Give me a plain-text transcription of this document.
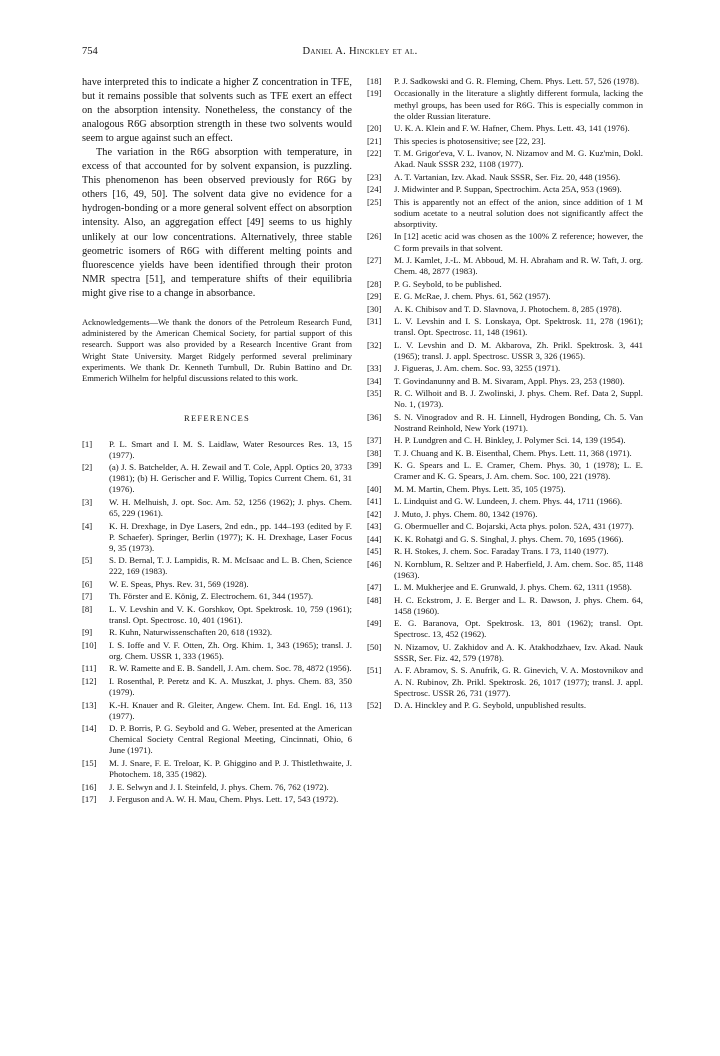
754	Daniel A. Hinckley et al.

have interpreted this to indicate a higher Z concentration in TFE, but it remains possible that solvents such as TFE exert an effect on the absorption intensity. Nonetheless, the constancy of the analogous R6G absorption strength in these two solvents would seem to argue against such an effect.

The variation in the R6G absorption with temperature, in excess of that accounted for by solvent expansion, is puzzling. This phenomenon has been observed previously for R6G by others [16, 49, 50]. The solvent data give no evidence for a hydrogen-bonding or a more general solvent effect on absorption intensity. Also, an aggregation effect [49] seems to us highly unlikely at our low concentrations. Alternatively, three stable geometric isomers of R6G with different melting points and fluorescence yields have been identified through their proton NMR spectra [51], and temperature shifts of their equilibria might give rise to a change in absorbance.

Acknowledgements—We thank the donors of the Petroleum Research Fund, administered by the American Chemical Society, for partial support of this research. Support was also provided by a Research Incentive Grant from Wright State University. Marget Ridgely performed several preliminary experiments. We thank Dr. Kenneth Turnbull, Dr. Rubin Battino and Dr. Emmerich Wilhelm for helpful discussions related to this work.

REFERENCES
[1]	P. L. Smart and I. M. S. Laidlaw, Water Resources Res. 13, 15 (1977).
[2]	(a) J. S. Batchelder, A. H. Zewail and T. Cole, Appl. Optics 20, 3733 (1981); (b) H. Gerischer and F. Willig, Topics Current Chem. 61, 31 (1976).
[3]	W. H. Melhuish, J. opt. Soc. Am. 52, 1256 (1962); J. phys. Chem. 65, 229 (1961).
[4]	K. H. Drexhage, in Dye Lasers, 2nd edn., pp. 144–193 (edited by F. P. Schaefer). Springer, Berlin (1977); K. H. Drexhage, Laser Focus 9, 35 (1973).
[5]	S. D. Bernal, T. J. Lampidis, R. M. McIsaac and L. B. Chen, Science 222, 169 (1983).
[6]	W. E. Speas, Phys. Rev. 31, 569 (1928).
[7]	Th. Förster and E. König, Z. Electrochem. 61, 344 (1957).
[8]	L. V. Levshin and V. K. Gorshkov, Opt. Spektrosk. 10, 759 (1961); transl. Opt. Spectrosc. 10, 401 (1961).
[9]	R. Kuhn, Naturwissenschaften 20, 618 (1932).
[10]	I. S. Ioffe and V. F. Otten, Zh. Org. Khim. 1, 343 (1965); transl. J. org. Chem. USSR 1, 333 (1965).
[11]	R. W. Ramette and E. B. Sandell, J. Am. chem. Soc. 78, 4872 (1956).
[12]	I. Rosenthal, P. Peretz and K. A. Muszkat, J. phys. Chem. 83, 350 (1979).
[13]	K.-H. Knauer and R. Gleiter, Angew. Chem. Int. Ed. Engl. 16, 113 (1977).
[14]	D. P. Borris, P. G. Seybold and G. Weber, presented at the American Chemical Society Central Regional Meeting, Cincinnati, Ohio, 6 June (1971).
[15]	M. J. Snare, F. E. Treloar, K. P. Ghiggino and P. J. Thistlethwaite, J. Photochem. 18, 335 (1982).
[16]	J. E. Selwyn and J. I. Steinfeld, J. phys. Chem. 76, 762 (1972).
[17]	J. Ferguson and A. W. H. Mau, Chem. Phys. Lett. 17, 543 (1972).
[18]	P. J. Sadkowski and G. R. Fleming, Chem. Phys. Lett. 57, 526 (1978).
[19]	Occasionally in the literature a slightly different formula, lacking the methyl groups, has been used for R6G. This is especially common in the older Russian literature.
[20]	U. K. A. Klein and F. W. Hafner, Chem. Phys. Lett. 43, 141 (1976).
[21]	This species is photosensitive; see [22, 23].
[22]	T. M. Grigor'eva, V. L. Ivanov, N. Nizamov and M. G. Kuz'min, Dokl. Akad. Nauk SSSR 232, 1108 (1977).
[23]	A. T. Vartanian, Izv. Akad. Nauk SSSR, Ser. Fiz. 20, 448 (1956).
[24]	J. Midwinter and P. Suppan, Spectrochim. Acta 25A, 953 (1969).
[25]	This is apparently not an effect of the anion, since addition of 1 M sodium acetate to a neutral solution does not significantly affect the absorptivity.
[26]	In [12] acetic acid was chosen as the 100% Z reference; however, the C form prevails in that solvent.
[27]	M. J. Kamlet, J.-L. M. Abboud, M. H. Abraham and R. W. Taft, J. org. Chem. 48, 2877 (1983).
[28]	P. G. Seybold, to be published.
[29]	E. G. McRae, J. chem. Phys. 61, 562 (1957).
[30]	A. K. Chibisov and T. D. Slavnova, J. Photochem. 8, 285 (1978).
[31]	L. V. Levshin and I. S. Lonskaya, Opt. Spektrosk. 11, 278 (1961); transl. Opt. Spectrosc. 11, 148 (1961).
[32]	L. V. Levshin and D. M. Akbarova, Zh. Prikl. Spektrosk. 3, 441 (1965); transl. J. appl. Spectrosc. USSR 3, 326 (1965).
[33]	J. Figueras, J. Am. chem. Soc. 93, 3255 (1971).
[34]	T. Govindanunny and B. M. Sivaram, Appl. Phys. 23, 253 (1980).
[35]	R. C. Wilhoit and B. J. Zwolinski, J. phys. Chem. Ref. Data 2, Suppl. No. 1, (1973).
[36]	S. N. Vinogradov and R. H. Linnell, Hydrogen Bonding, Ch. 5. Van Nostrand Reinhold, New York (1971).
[37]	H. P. Lundgren and C. H. Binkley, J. Polymer Sci. 14, 139 (1954).
[38]	T. J. Chuang and K. B. Eisenthal, Chem. Phys. Lett. 11, 368 (1971).
[39]	K. G. Spears and L. E. Cramer, Chem. Phys. 30, 1 (1978); L. E. Cramer and K. G. Spears, J. Am. chem. Soc. 100, 221 (1978).
[40]	M. M. Martin, Chem. Phys. Lett. 35, 105 (1975).
[41]	L. Lindquist and G. W. Lundeen, J. chem. Phys. 44, 1711 (1966).
[42]	J. Muto, J. phys. Chem. 80, 1342 (1976).
[43]	G. Obermueller and C. Bojarski, Acta phys. polon. 52A, 431 (1977).
[44]	K. K. Rohatgi and G. S. Singhal, J. phys. Chem. 70, 1695 (1966).
[45]	R. H. Stokes, J. chem. Soc. Faraday Trans. I 73, 1140 (1977).
[46]	N. Kornblum, R. Seltzer and P. Haberfield, J. Am. chem. Soc. 85, 1148 (1963).
[47]	L. M. Mukherjee and E. Grunwald, J. phys. Chem. 62, 1311 (1958).
[48]	H. C. Eckstrom, J. E. Berger and L. R. Dawson, J. phys. Chem. 64, 1458 (1960).
[49]	E. G. Baranova, Opt. Spektrosk. 13, 801 (1962); transl. Opt. Spectrosc. 13, 452 (1962).
[50]	N. Nizamov, U. Zakhidov and A. K. Atakhodzhaev, Izv. Akad. Nauk SSSR, Ser. Fiz. 42, 579 (1978).
[51]	A. F. Abramov, S. S. Anufrik, G. R. Ginevich, V. A. Mostovnikov and A. N. Rubinov, Zh. Prikl. Spektrosk. 26, 1017 (1977); transl. J. appl. Spectrosc. USSR 26, 731 (1977).
[52]	D. A. Hinckley and P. G. Seybold, unpublished results.
